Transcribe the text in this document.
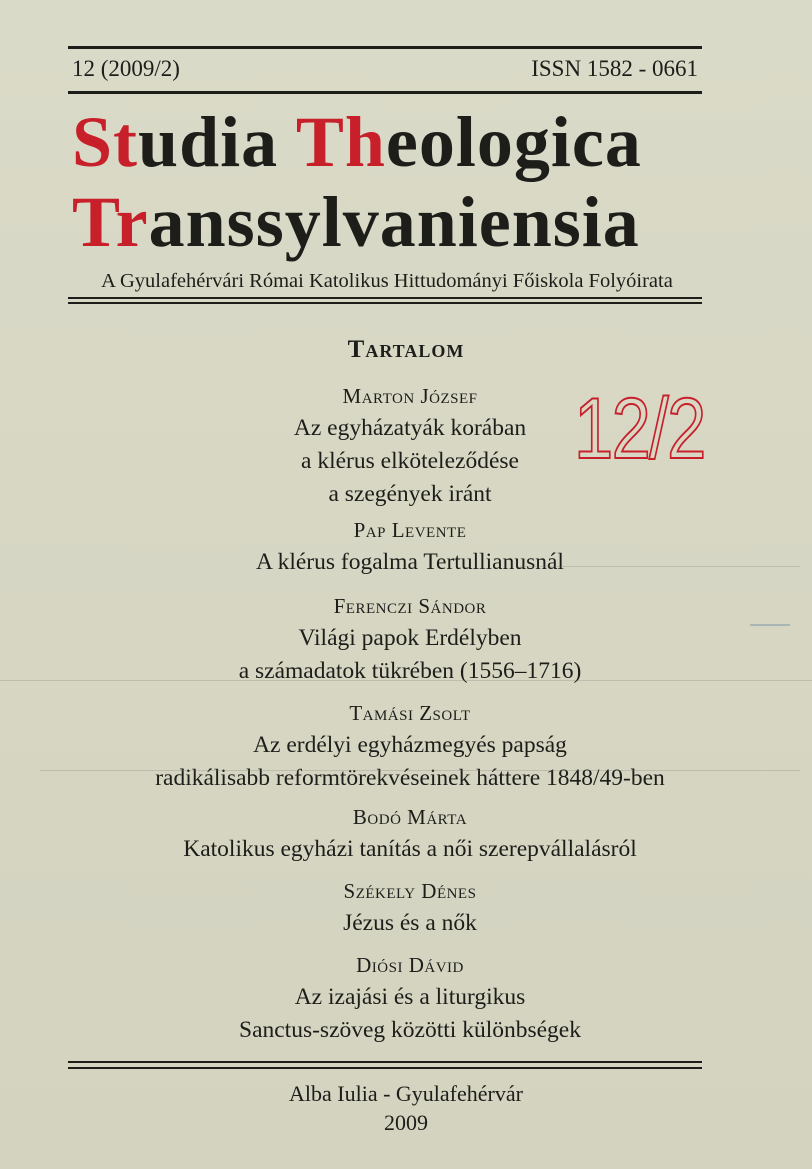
12 (2009/2)	ISSN 1582 - 0661
Studia Theologica
Transsylvaniensia
A Gyulafehérvári Római Katolikus Hittudományi Főiskola Folyóirata
Tartalom
12/2
Marton József
Az egyházatyák korában
a klérus elköteleződése
a szegények iránt
Pap Levente
A klérus fogalma Tertullianusnál
Ferenczi Sándor
Világi papok Erdélyben
a számadatok tükrében (1556–1716)
Tamási Zsolt
Az erdélyi egyházmegyés papság
radikálisabb reformtörekvéseinek háttere 1848/49-ben
Bodó Márta
Katolikus egyházi tanítás a női szerepvállalásról
Székely Dénes
Jézus és a nők
Diósi Dávid
Az izajási és a liturgikus
Sanctus-szöveg közötti különbségek
Alba Iulia - Gyulafehérvár
2009
